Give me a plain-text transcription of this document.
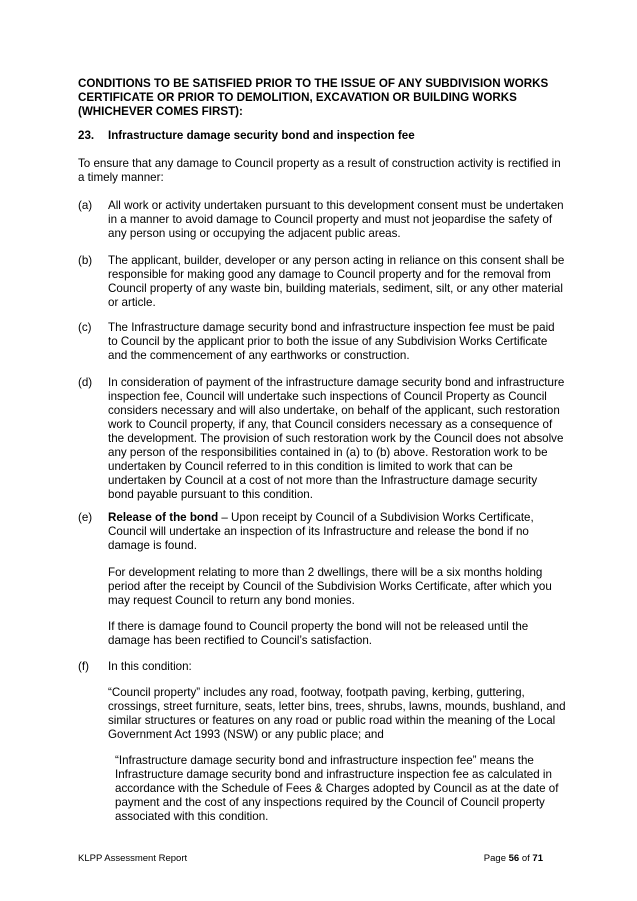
CONDITIONS TO BE SATISFIED PRIOR TO THE ISSUE OF ANY SUBDIVISION WORKS CERTIFICATE OR PRIOR TO DEMOLITION, EXCAVATION OR BUILDING WORKS (WHICHEVER COMES FIRST):
23. Infrastructure damage security bond and inspection fee
To ensure that any damage to Council property as a result of construction activity is rectified in a timely manner:
(a)	All work or activity undertaken pursuant to this development consent must be undertaken in a manner to avoid damage to Council property and must not jeopardise the safety of any person using or occupying the adjacent public areas.
(b)	The applicant, builder, developer or any person acting in reliance on this consent shall be responsible for making good any damage to Council property and for the removal from Council property of any waste bin, building materials, sediment, silt, or any other material or article.
(c)	The Infrastructure damage security bond and infrastructure inspection fee must be paid to Council by the applicant prior to both the issue of any Subdivision Works Certificate and the commencement of any earthworks or construction.
(d)	In consideration of payment of the infrastructure damage security bond and infrastructure inspection fee, Council will undertake such inspections of Council Property as Council considers necessary and will also undertake, on behalf of the applicant, such restoration work to Council property, if any, that Council considers necessary as a consequence of the development. The provision of such restoration work by the Council does not absolve any person of the responsibilities contained in (a) to (b) above. Restoration work to be undertaken by Council referred to in this condition is limited to work that can be undertaken by Council at a cost of not more than the Infrastructure damage security bond payable pursuant to this condition.
(e)	Release of the bond – Upon receipt by Council of a Subdivision Works Certificate, Council will undertake an inspection of its Infrastructure and release the bond if no damage is found.
For development relating to more than 2 dwellings, there will be a six months holding period after the receipt by Council of the Subdivision Works Certificate, after which you may request Council to return any bond monies.
If there is damage found to Council property the bond will not be released until the damage has been rectified to Council’s satisfaction.
(f)	In this condition:
“Council property” includes any road, footway, footpath paving, kerbing, guttering, crossings, street furniture, seats, letter bins, trees, shrubs, lawns, mounds, bushland, and similar structures or features on any road or public road within the meaning of the Local Government Act 1993 (NSW) or any public place; and
“Infrastructure damage security bond and infrastructure inspection fee” means the Infrastructure damage security bond and infrastructure inspection fee as calculated in accordance with the Schedule of Fees & Charges adopted by Council as at the date of payment and the cost of any inspections required by the Council of Council property associated with this condition.
KLPP Assessment Report	Page 56 of 71
